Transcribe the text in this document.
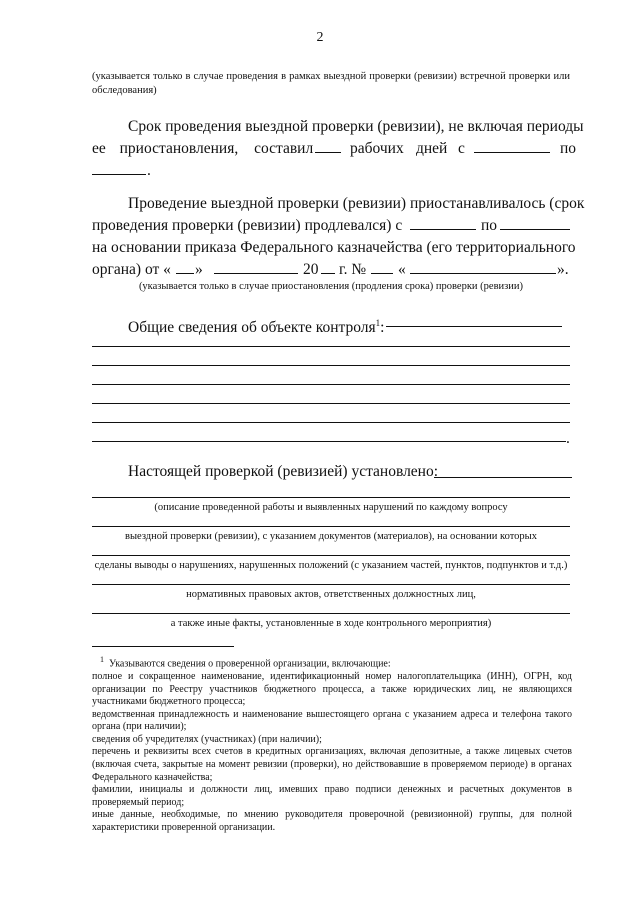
2
(указывается только в случае проведения в рамках выездной проверки (ревизии) встречной проверки или обследования)
Срок проведения выездной проверки (ревизии), не включая периоды
ее приостановления, составил	рабочих дней с	по
.
Проведение выездной проверки (ревизии) приостанавливалось (срок
проведения проверки (ревизии) продлевался) с	по
на основании приказа Федерального казначейства (его территориального
органа) от « »	20 г. № «	».
(указывается только в случае приостановления (продления срока) проверки (ревизии)
Общие сведения об объекте контроля$^1$:
.
Настоящей проверкой (ревизией) установлено:
(описание проведенной работы и выявленных нарушений по каждому вопросу
выездной проверки (ревизии), с указанием документов (материалов), на основании которых
сделаны выводы о нарушениях, нарушенных положений (с указанием частей, пунктов, подпунктов и т.д.)
нормативных правовых актов, ответственных должностных лиц,
а также иные факты, установленные в ходе контрольного мероприятия)
$^1$ Указываются сведения о проверенной организации, включающие:
полное и сокращенное наименование, идентификационный номер налогоплательщика (ИНН), ОГРН, код организации по Реестру участников бюджетного процесса, а также юридических лиц, не являющихся участниками бюджетного процесса;
ведомственная принадлежность и наименование вышестоящего органа с указанием адреса и телефона такого органа (при наличии);
сведения об учредителях (участниках) (при наличии);
перечень и реквизиты всех счетов в кредитных организациях, включая депозитные, а также лицевых счетов (включая счета, закрытые на момент ревизии (проверки), но действовавшие в проверяемом периоде) в органах Федерального казначейства;
фамилии, инициалы и должности лиц, имевших право подписи денежных и расчетных документов в проверяемый период;
иные данные, необходимые, по мнению руководителя проверочной (ревизионной) группы, для полной характеристики проверенной организации.
